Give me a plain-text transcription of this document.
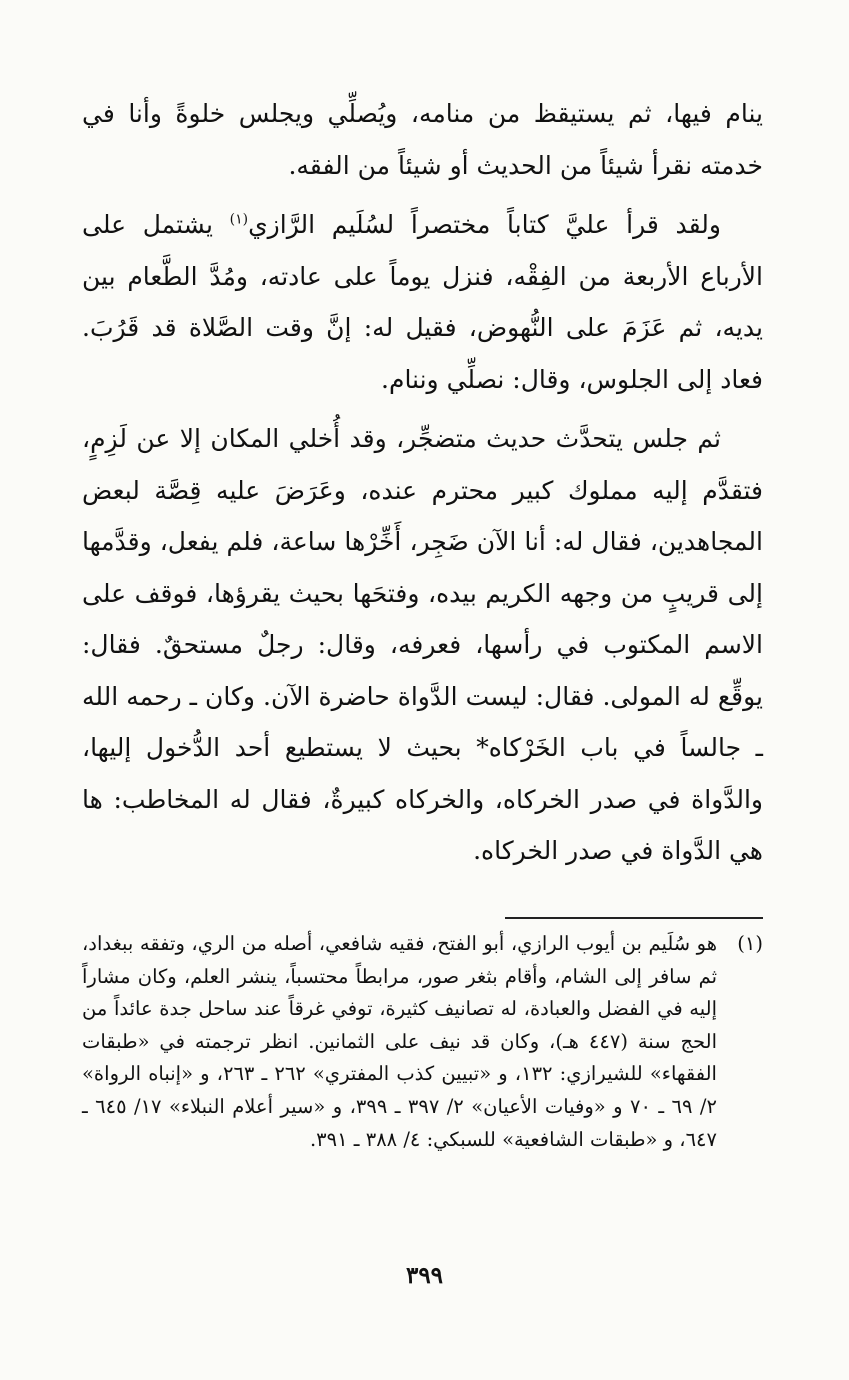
ينام فيها، ثم يستيقظ من منامه، ويُصلِّي ويجلس خلوةً وأنا في خدمته نقرأ شيئاً من الحديث أو شيئاً من الفقه.

ولقد قرأ عليَّ كتاباً مختصراً لسُلَيم الرَّازي$^{(١)}$ يشتمل على الأرباع الأربعة من الفِقْه، فنزل يوماً على عادته، ومُدَّ الطَّعام بين يديه، ثم عَزَمَ على النُّهوض، فقيل له: إنَّ وقت الصَّلاة قد قَرُبَ. فعاد إلى الجلوس، وقال: نصلِّي وننام.

ثم جلس يتحدَّث حديث متضجِّر، وقد أُخلي المكان إلا عن لَزِمٍ، فتقدَّم إليه مملوك كبير محترم عنده، وعَرَضَ عليه قِصَّة لبعض المجاهدين، فقال له: أنا الآن ضَجِر، أَخِّرْها ساعة، فلم يفعل، وقدَّمها إلى قريبٍ من وجهه الكريم بيده، وفتحَها بحيث يقرؤها، فوقف على الاسم المكتوب في رأسها، فعرفه، وقال: رجلٌ مستحقٌ. فقال: يوقِّع له المولى. فقال: ليست الدَّواة حاضرة الآن. وكان ـ رحمه الله ـ جالساً في باب الخَرْكاه* بحيث لا يستطيع أحد الدُّخول إليها، والدَّواة في صدر الخركاه، والخركاه كبيرةٌ، فقال له المخاطب: ها هي الدَّواة في صدر الخركاه.

(١)هو سُلَيم بن أيوب الرازي، أبو الفتح، فقيه شافعي، أصله من الري، وتفقه ببغداد، ثم سافر إلى الشام، وأقام بثغر صور، مرابطاً محتسباً، ينشر العلم، وكان مشاراً إليه في الفضل والعبادة، له تصانيف كثيرة، توفي غرقاً عند ساحل جدة عائداً من الحج سنة (٤٤٧ هـ)، وكان قد نيف على الثمانين. انظر ترجمته في «طبقات الفقهاء» للشيرازي: ١٣٢، و «تبيين كذب المفتري» ٢٦٢ ـ ٢٦٣، و «إنباه الرواة» ٢/ ٦٩ ـ ٧٠ و «وفيات الأعيان» ٢/ ٣٩٧ ـ ٣٩٩، و «سير أعلام النبلاء» ١٧/ ٦٤٥ ـ ٦٤٧، و «طبقات الشافعية» للسبكي: ٤/ ٣٨٨ ـ ٣٩١.

٣٩٩
